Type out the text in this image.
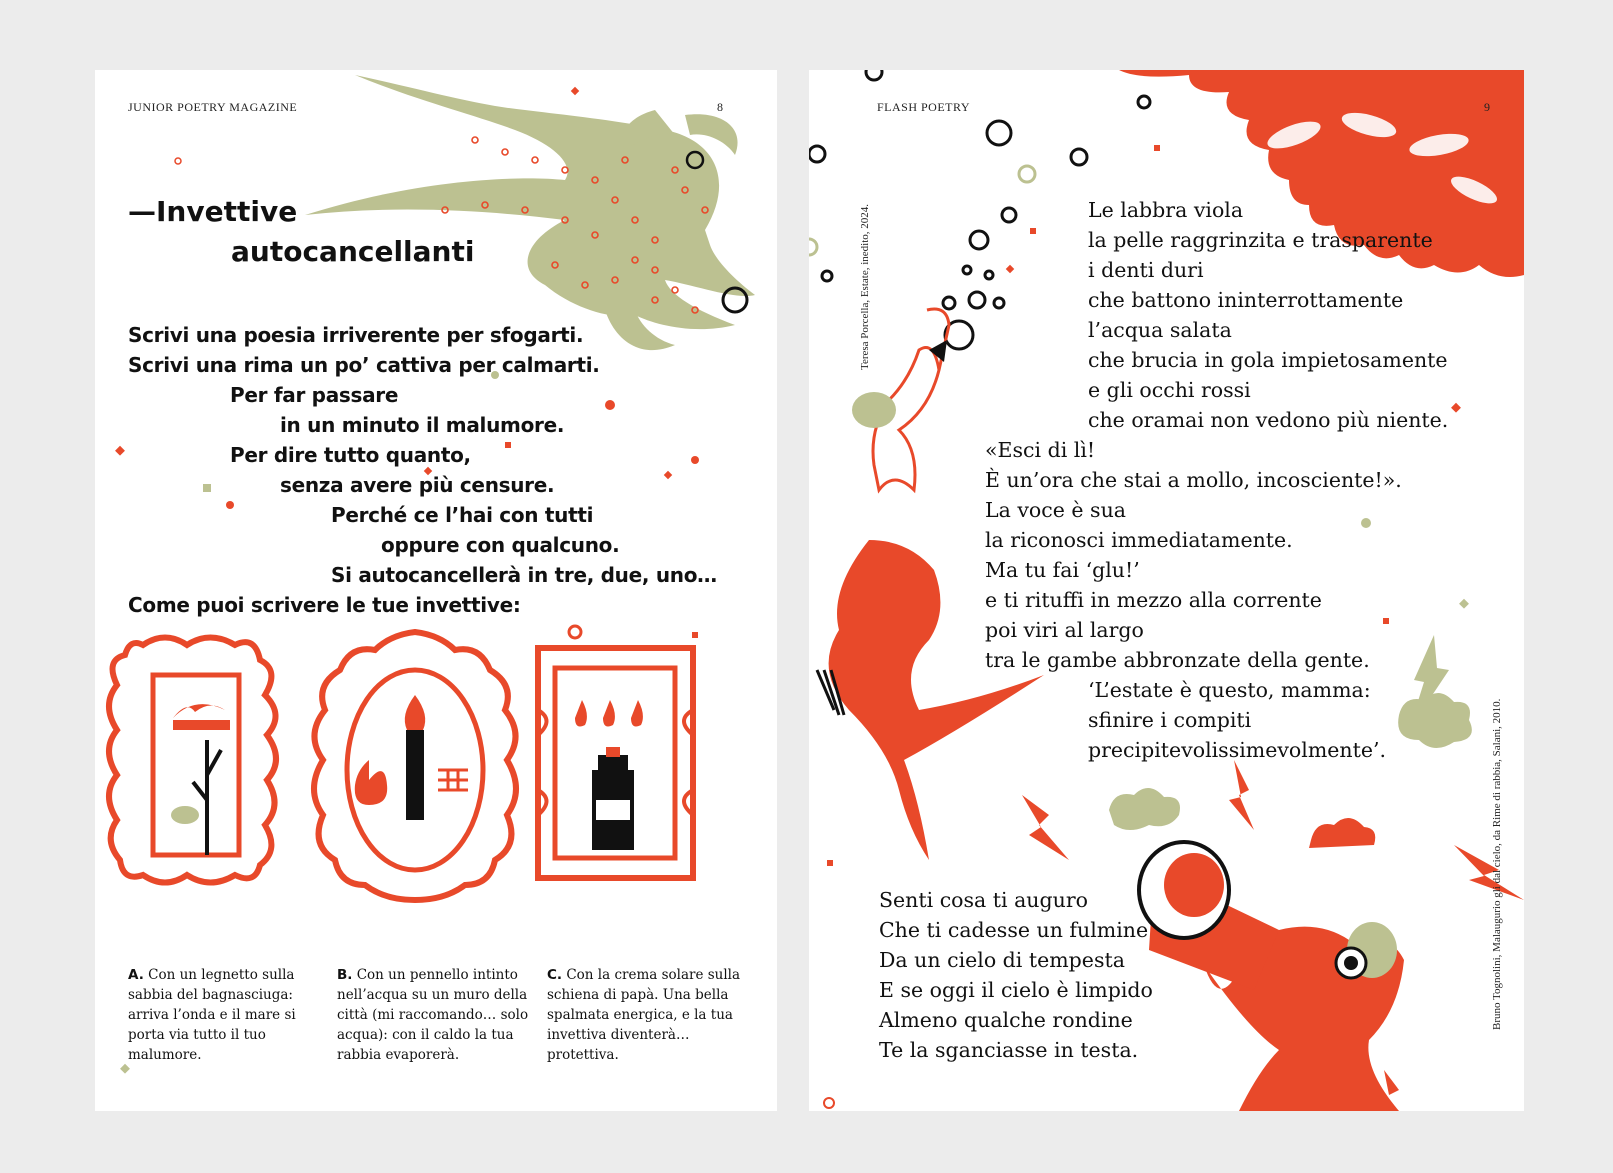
JUNIOR POETRY MAGAZINE	8
—Invettive
autocancellanti
Scrivi una poesia irriverente per sfogarti.
Scrivi una rima un po’ cattiva per calmarti.
Per far passare
in un minuto il malumore.
Per dire tutto quanto,
senza avere più censure.
Perché ce l’hai con tutti
oppure con qualcuno.
Si autocancellerà in tre, due, uno…
Come puoi scrivere le tue invettive:
A. Con un legnetto sulla sabbia del bagnasciuga: arriva l’onda e il mare si porta via tutto il tuo malumore.
B. Con un pennello intinto nell’acqua su un muro della città (mi raccomando… solo acqua): con il caldo la tua rabbia evaporerà.
C. Con la crema solare sulla schiena di papà. Una bella spalmata energica, e la tua invettiva diventerà… protettiva.
FLASH POETRY	9
Teresa Porcella, Estate, inedito, 2024.
Bruno Tognolini, Malaugurio gli dal cielo, da Rime di rabbia, Salani, 2010.
Le labbra viola
la pelle raggrinzita e trasparente
i denti duri
che battono ininterrottamente
l’acqua salata
che brucia in gola impietosamente
e gli occhi rossi
che oramai non vedono più niente.
«Esci di lì!
È un’ora che stai a mollo, incosciente!».
La voce è sua
la riconosci immediatamente.
Ma tu fai ‘glu!’
e ti rituffi in mezzo alla corrente
poi viri al largo
tra le gambe abbronzate della gente.
‘L’estate è questo, mamma:
sfinire i compiti
precipitevolissimevolmente’.
Senti cosa ti auguro
Che ti cadesse un fulmine
Da un cielo di tempesta
E se oggi il cielo è limpido
Almeno qualche rondine
Te la sganciasse in testa.
